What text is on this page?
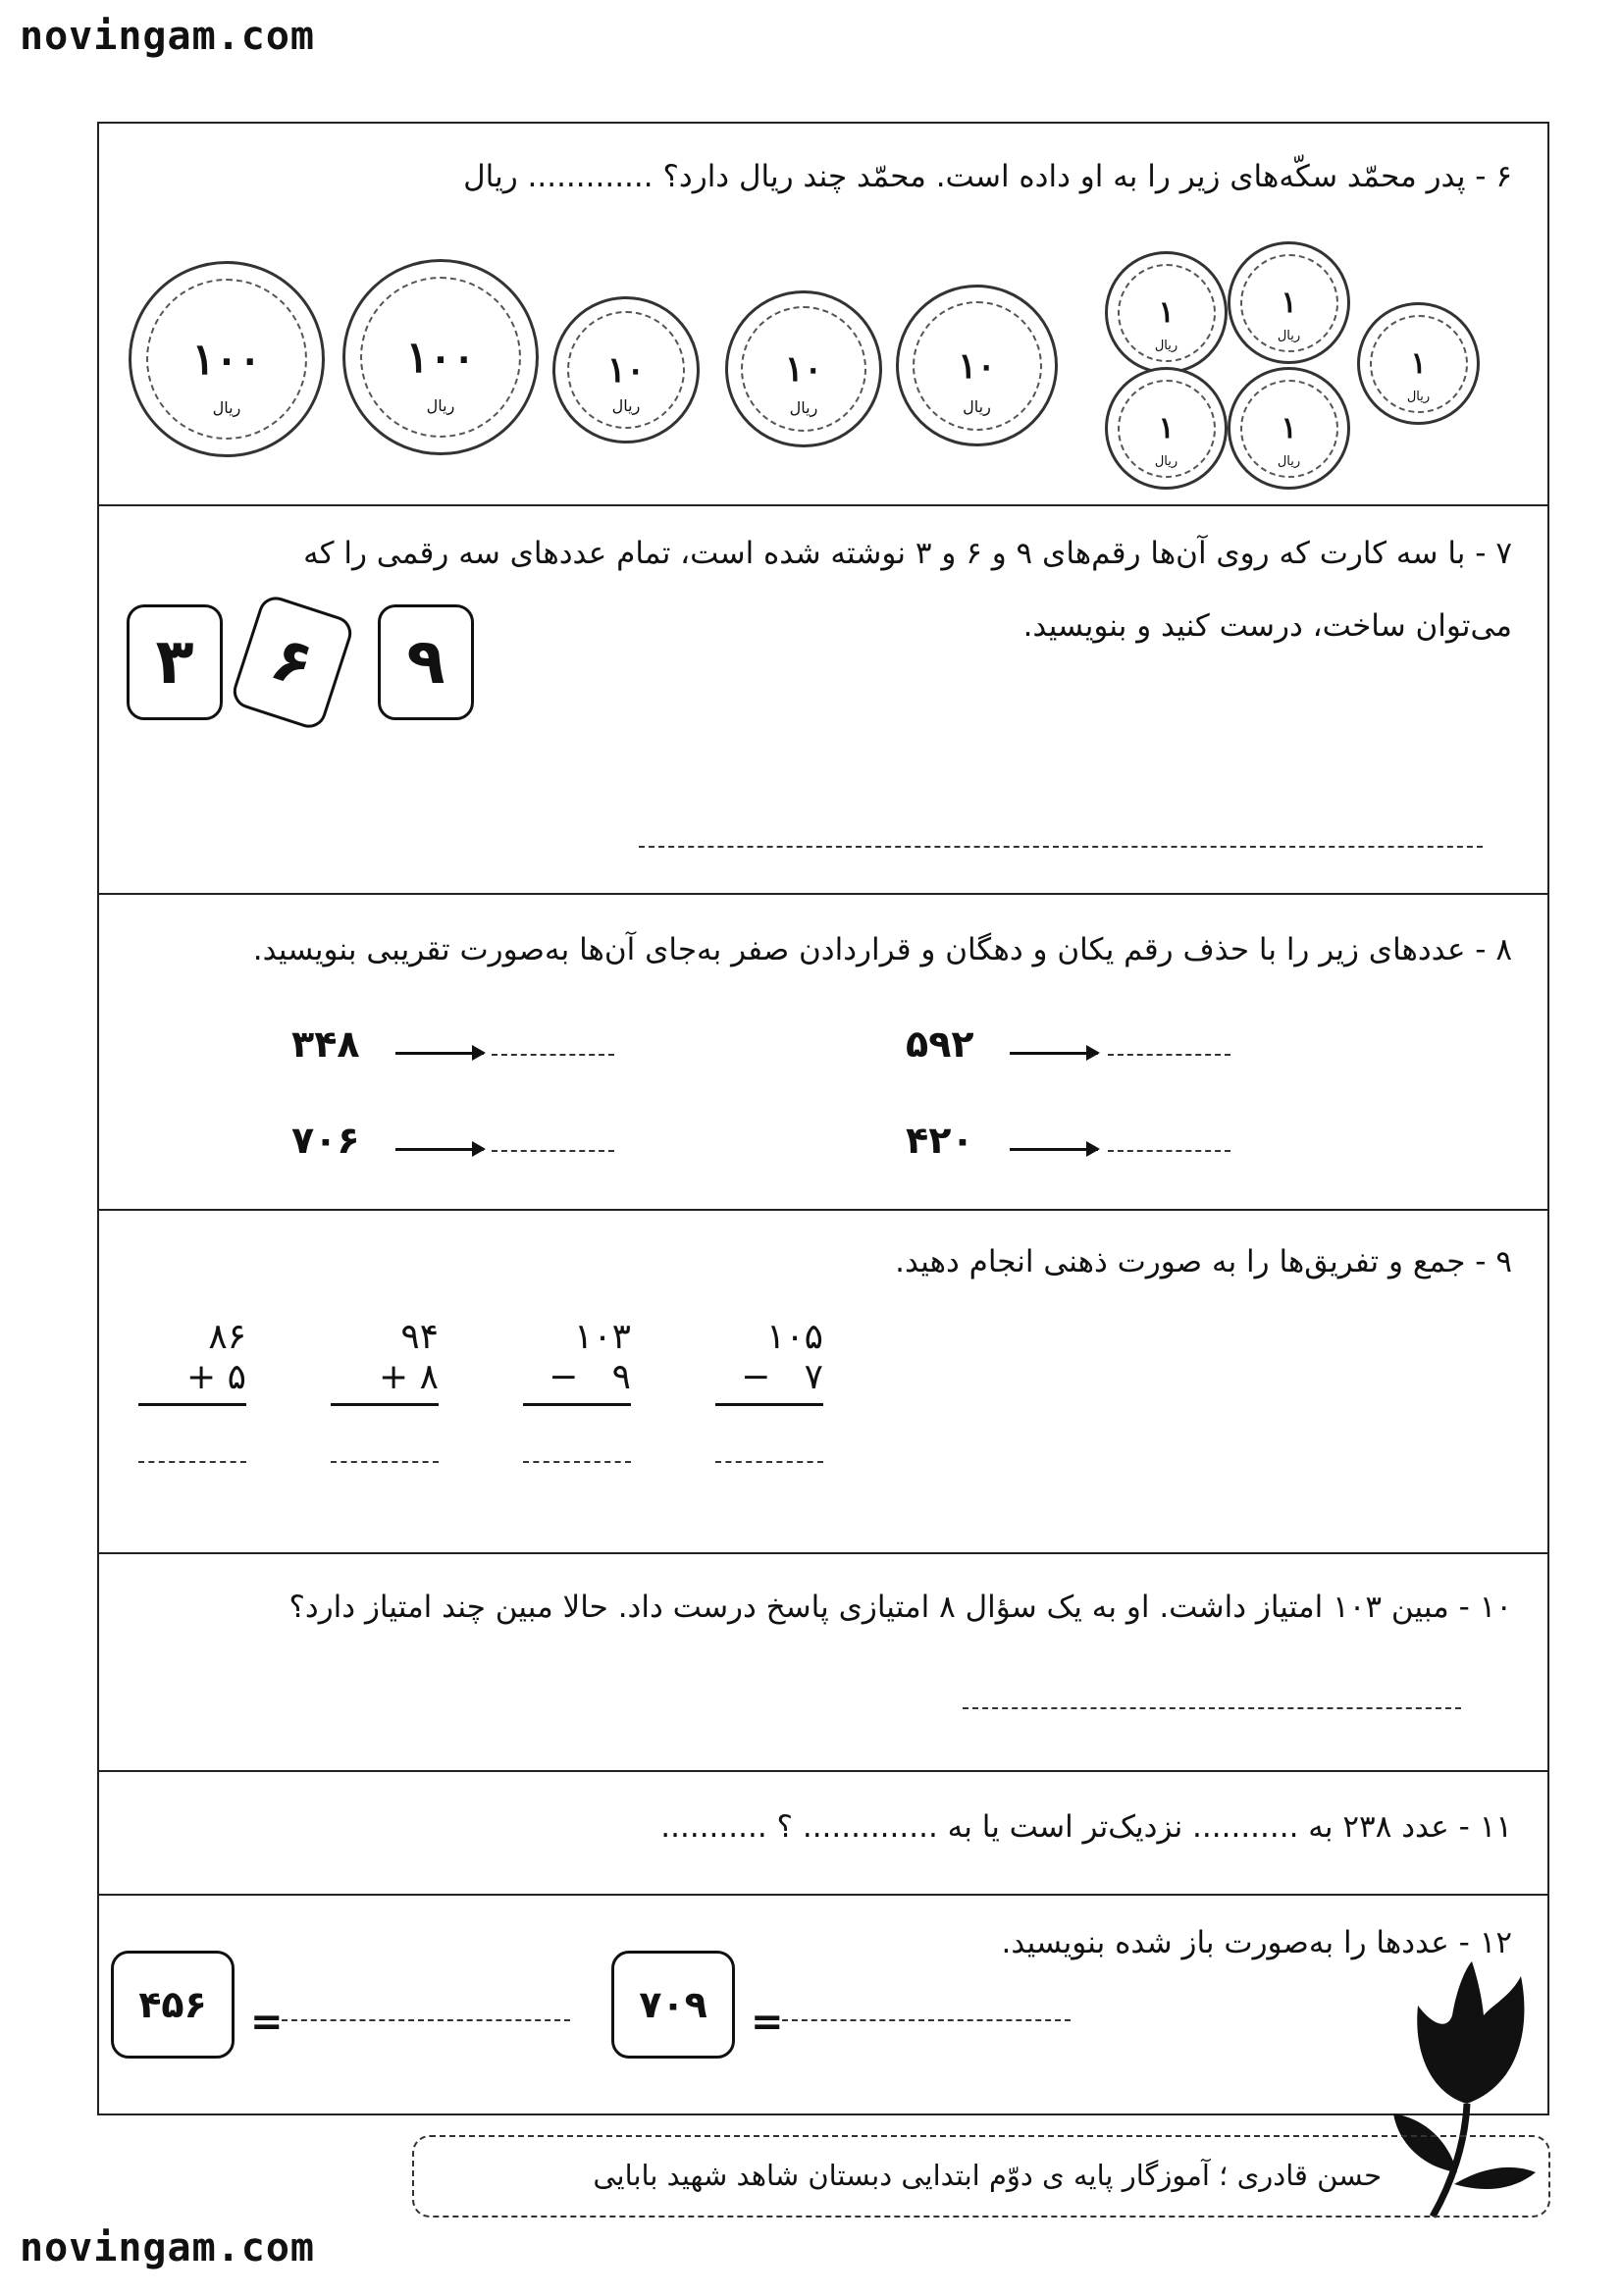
novingam.com
۶ - پدر محمّد سکّه‌های زیر را به او داده است. محمّد چند ریال دارد؟ ............. ریال
۱۰۰
ریال
۱۰۰
ریال
۱۰
ریال
۱۰
ریال
۱۰
ریال
۱
ریال
۱
ریال
۱
ریال
۱
ریال
۱
ریال
۷ - با سه کارت که روی آن‌ها رقم‌های ۹ و ۶ و ۳ نوشته شده است، تمام عددهای سه رقمی را که
می‌توان ساخت، درست کنید و بنویسید.
۳	۶	۹
۸ - عددهای زیر را با حذف رقم یکان و دهگان و قراردادن صفر به‌جای آن‌ها به‌صورت تقریبی بنویسید.
۳۴۸	۵۹۲
۷۰۶	۴۲۰
۹ - جمع و تفریق‌ها را به صورت ذهنی انجام دهید.
۸۶
+ ۵
۹۴
+ ۸
۱۰۳
− ۹
۱۰۵
− ۷
۱۰ - مبین ۱۰۳ امتیاز داشت. او به یک سؤال ۸ امتیازی پاسخ درست داد. حالا مبین چند امتیاز دارد؟
۱۱ - عدد ۲۳۸ به ........... نزدیک‌تر است یا به .............. ؟ ...........
۱۲ - عددها را به‌صورت باز شده بنویسید.
۴۵۶	=	۷۰۹	=
حسن قادری ؛ آموزگار پایه ی دوّم ابتدایی دبستان شاهد شهید بابایی
novingam.com
